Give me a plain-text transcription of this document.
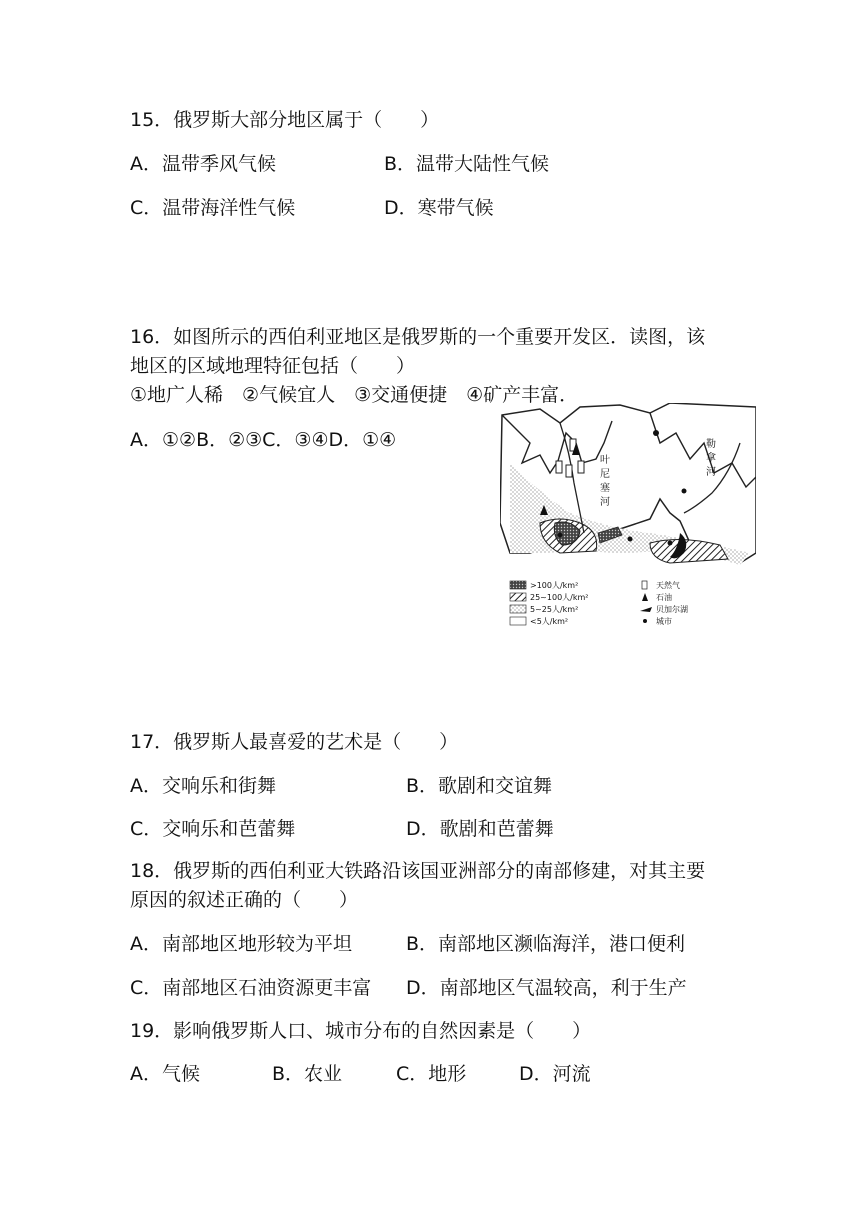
15．俄罗斯大部分地区属于（　　）
A．温带季风气候	B．温带大陆性气候
C．温带海洋性气候	D．寒带气候
16．如图所示的西伯利亚地区是俄罗斯的一个重要开发区．读图，该
地区的区域地理特征包括（　　）
①地广人稀　②气候宜人　③交通便捷　④矿产丰富．
A．①②B．②③C．③④D．①④
叶
尼
塞
河
勒
拿
河
>100人/km²
25~100人/km²
5~25人/km²
<5人/km²
天然气
石油
贝加尔湖
城市
17．俄罗斯人最喜爱的艺术是（　　）
A．交响乐和街舞	B．歌剧和交谊舞
C．交响乐和芭蕾舞	D．歌剧和芭蕾舞
18．俄罗斯的西伯利亚大铁路沿该国亚洲部分的南部修建，对其主要
原因的叙述正确的（　　）
A．南部地区地形较为平坦	B．南部地区濒临海洋，港口便利
C．南部地区石油资源更丰富 D．南部地区气温较高，利于生产
19．影响俄罗斯人口、城市分布的自然因素是（　　）
A．气候	B．农业	C．地形	D．河流
